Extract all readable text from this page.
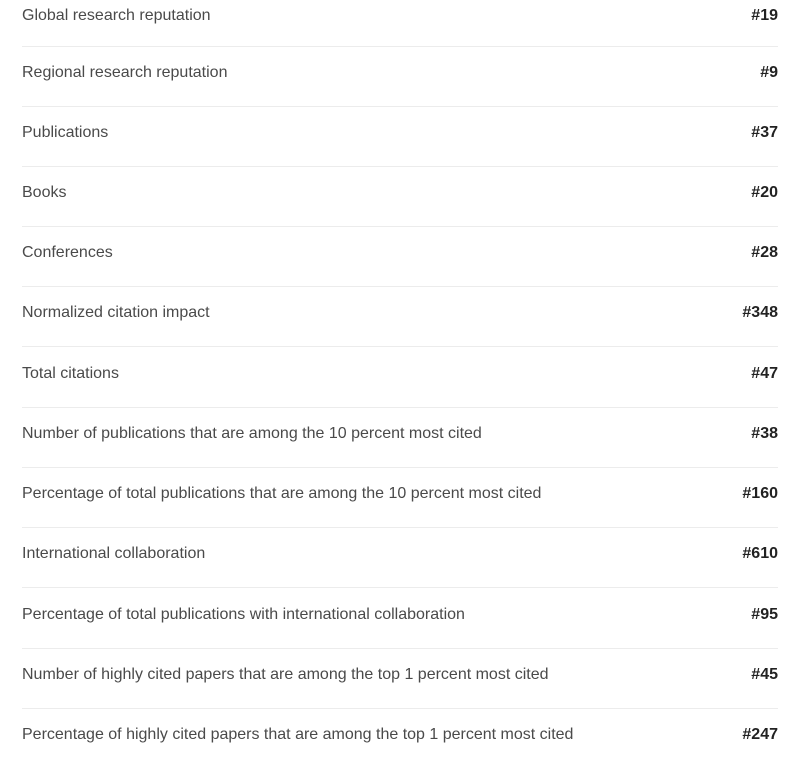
Global research reputation	#19
Regional research reputation	#9
Publications	#37
Books	#20
Conferences	#28
Normalized citation impact	#348
Total citations	#47
Number of publications that are among the 10 percent most cited	#38
Percentage of total publications that are among the 10 percent most cited	#160
International collaboration	#610
Percentage of total publications with international collaboration	#95
Number of highly cited papers that are among the top 1 percent most cited	#45
Percentage of highly cited papers that are among the top 1 percent most cited	#247
